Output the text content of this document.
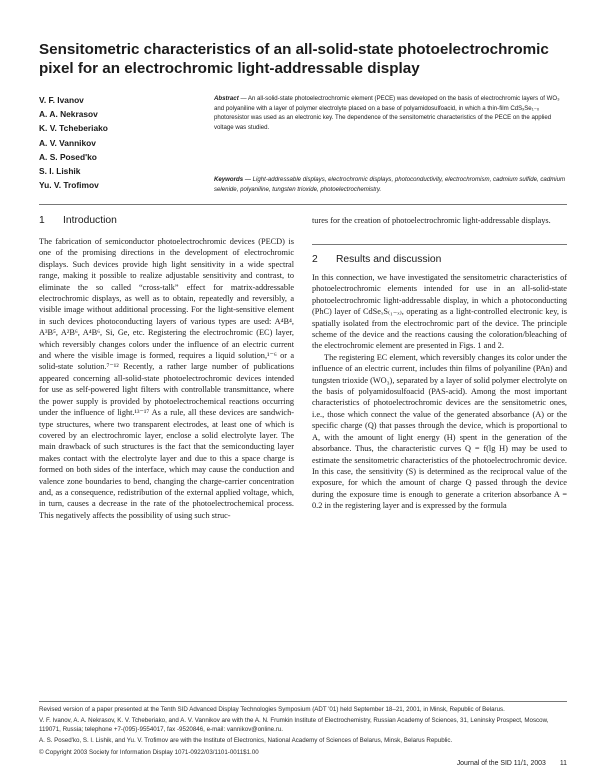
Sensitometric characteristics of an all-solid-state photoelectrochromic pixel for an electrochromic light-addressable display
V. F. Ivanov
A. A. Nekrasov
K. V. Tcheberiako
A. V. Vannikov
A. S. Posed'ko
S. I. Lishik
Yu. V. Trofimov

Abstract — An all-solid-state photoelectrochromic element (PECE) was developed on the basis of electrochromic layers of WO₃ and polyaniline with a layer of polymer electrolyte placed on a base of polyamidosulfoacid, in which a thin-film CdSₓSe₁₋ₓ photoresistor was used as an electronic key. The dependence of the sensitometric characteristics of the PECE on the applied voltage was studied.

Keywords — Light-addressable displays, electrochromic displays, photoconductivity, electrochromism, cadmium sulfide, cadmium selenide, polyaniline, tungsten trioxide, photoelectrochemistry.

1 Introduction

The fabrication of semiconductor photoelectrochromic devices (PECD) is one of the promising directions in the development of electrochromic displays. Such devices provide high light sensitivity in a wide spectral range, making it possible to realize adjustable sensitivity and contrast, to eliminate the so called “cross-talk” effect for matrix-addressable electrochromic displays, as well as to obtain, repeatedly and reversibly, a visible image without additional processing. For the light-sensitive element in such devices photoconducting layers of various types are used: A⁴B⁴, A³B⁵, A²B⁶, A⁴B⁶, Si, Ge, etc. Registering the electrochromic (EC) layer, which reversibly changes colors under the influence of an electric current and where the visible image is formed, requires a liquid solution,¹⁻⁶ or a solid-state solution.⁷⁻¹² Recently, a rather large number of publications appeared concerning all-solid-state photoelectrochromic devices intended for use as self-powered light filters with controllable transmittance, where the power supply is provided by photoelectrochemical reactions occurring under the influence of light.¹³⁻¹⁷ As a rule, all these devices are sandwich-type structures, where two transparent electrodes, at least one of which is covered by an electrochromic layer, enclose a solid electrolyte layer. The main drawback of such structures is the fact that the semiconducting layer makes contact with the electrolyte layer and due to this a space charge is formed on both sides of the interface, which may cause the conduction and valence zone boundaries to bend, changing the charge-carrier concentration and, as a consequence, redistribution of the external applied voltage, which, in turn, causes a decrease in the rate of the photoelectrochemical process. This negatively affects the possibility of using such struc-

tures for the creation of photoelectrochromic light-addressable displays.

2 Results and discussion

In this connection, we have investigated the sensitometric characteristics of photoelectrochromic elements intended for use in an all-solid-state photoelectrochromic light-addressable display, in which a photoconducting (PhC) layer of CdSeₓS₍₁₋ₓ₎, operating as a light-controlled electronic key, is spatially isolated from the electrochromic part of the device. The principle scheme of the device and the reactions causing the coloration/bleaching of the electrochromic element are presented in Figs. 1 and 2.

The registering EC element, which reversibly changes its color under the influence of an electric current, includes thin films of polyaniline (PAn) and tungsten trioxide (WO₃), separated by a layer of solid polymer electrolyte on the basis of polyamidosulfoacid (PAS-acid). Among the most important characteristics of photoelectrochromic devices are the sensitometric ones, i.e., those which connect the value of the generated absorbance (A) or the specific charge (Q) that passes through the device, which is proportional to A, with the amount of light energy (H) spent in the generation of the absorbance. Thus, the characteristic curves Q = f(lg H) may be used to estimate the sensitometric characteristics of the photoelectrochromic device. In this case, the sensitivity (S) is determined as the reciprocal value of the exposure, for which the amount of charge Q passed through the device during the exposure time is enough to generate a criterion absorbance A = 0.2 in the registering layer and is expressed by the formula

Revised version of a paper presented at the Tenth SID Advanced Display Technologies Symposium (ADT '01) held September 18–21, 2001, in Minsk, Republic of Belarus.

V. F. Ivanov, A. A. Nekrasov, K. V. Tcheberiako, and A. V. Vannikov are with the A. N. Frumkin Institute of Electrochemistry, Russian Academy of Sciences, 31, Leninsky Prospect, Moscow, 119071, Russia; telephone +7-(095)-9554017, fax -9520846, e-mail: vannikov@online.ru.

A. S. Posed'ko, S. I. Lishik, and Yu. V. Trofimov are with the Institute of Electronics, National Academy of Sciences of Belarus, Minsk, Belarus Republic.

© Copyright 2003 Society for Information Display 1071-0922/03/1101-0011$1.00

Journal of the SID 11/1, 2003 11
